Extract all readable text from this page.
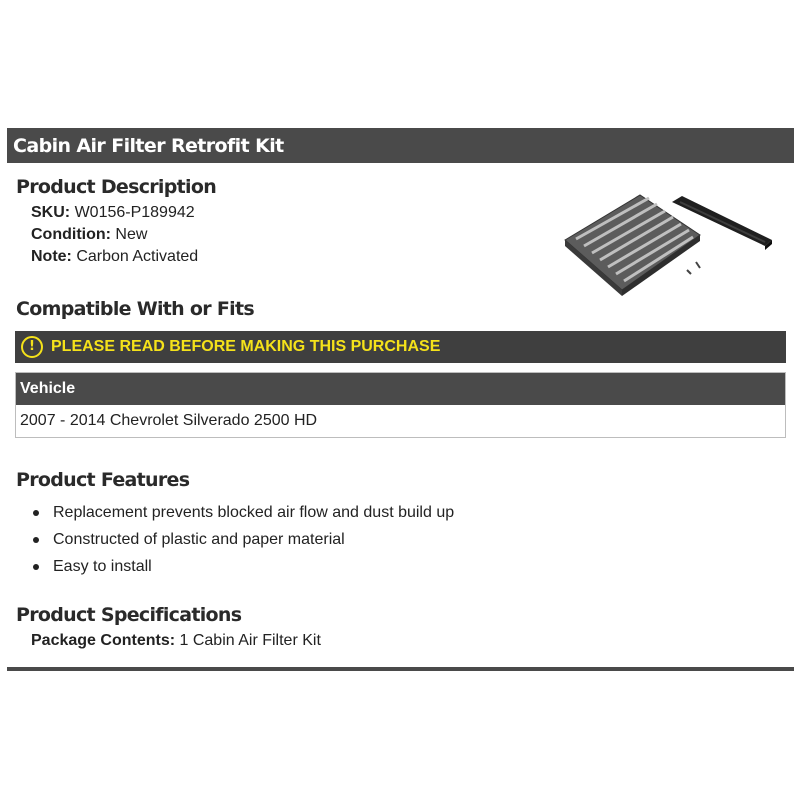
Cabin Air Filter Retrofit Kit
Product Description
SKU: W0156-P189942
Condition: New
Note: Carbon Activated
Compatible With or Fits
!	PLEASE READ BEFORE MAKING THIS PURCHASE
Vehicle
2007 - 2014 Chevrolet Silverado 2500 HD
Product Features
Replacement prevents blocked air flow and dust build up
Constructed of plastic and paper material
Easy to install
Product Specifications
Package Contents: 1 Cabin Air Filter Kit
